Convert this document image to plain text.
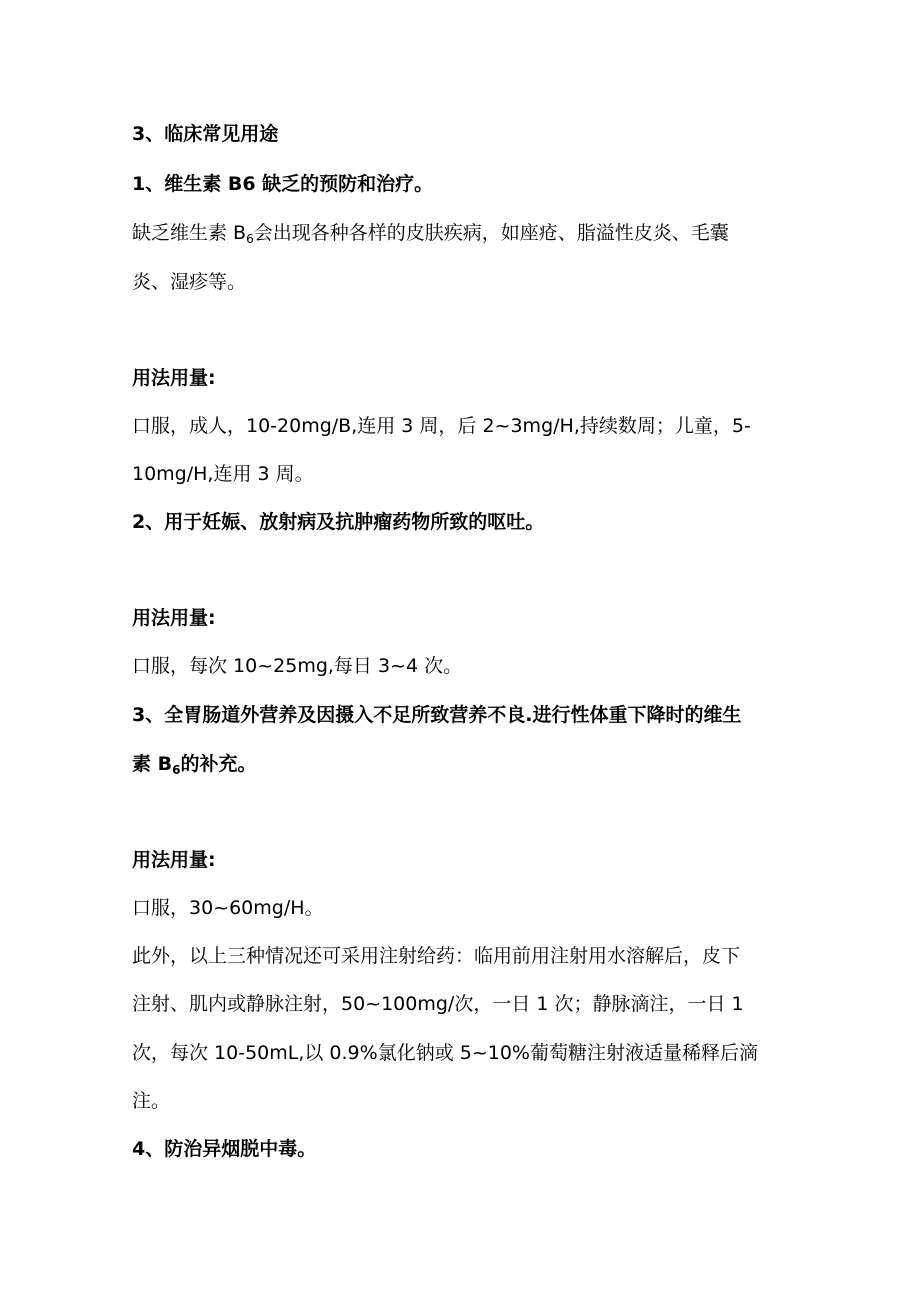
3、临床常见用途
1、维生素 B6 缺乏的预防和治疗。
缺乏维生素 $B_6$会出现各种各样的皮肤疾病，如座疮、脂溢性皮炎、毛囊
炎、湿疹等。
用法用量:
口服，成人，10-20mg/B,连用 3 周，后 2~3mg/H,持续数周；儿童，5-
10mg/H,连用 3 周。
2、用于妊娠、放射病及抗肿瘤药物所致的呕吐。
用法用量:
口服，每次 10~25mg,每日 3~4 次。
3、全胃肠道外营养及因摄入不足所致营养不良.进行性体重下降时的维生
素 $B_6$的补充。
用法用量:
口服，30~60mg∕H。
此外，以上三种情况还可采用注射给药：临用前用注射用水溶解后，皮下
注射、肌内或静脉注射，50~100mg∕次，一日 1 次；静脉滴注，一日 1
次，每次 10-50mL,以 0.9%氯化钠或 5~10%葡萄糖注射液适量稀释后滴
注。
4、防治异烟脱中毒。
